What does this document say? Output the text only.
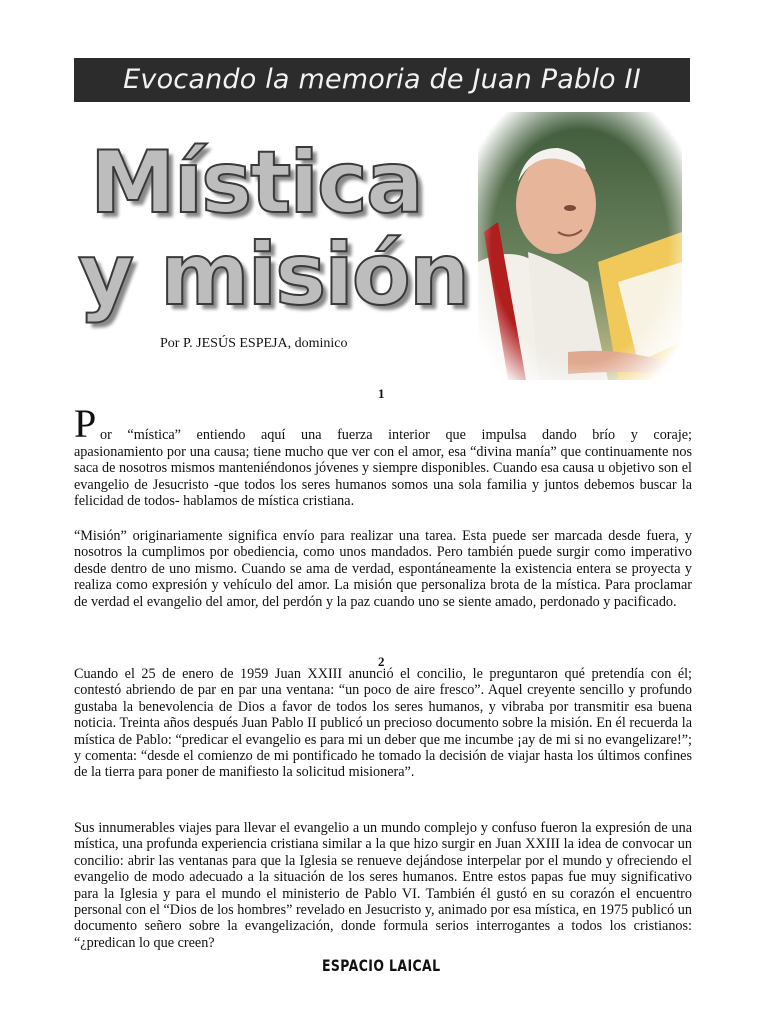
Evocando la memoria de Juan Pablo II
Mística
y misión
Por P. JESÚS ESPEJA, dominico
1
P or “mística” entiendo aquí una fuerza interior que impulsa dando brío y coraje;

apasionamiento por una causa; tiene mucho que ver con el amor, esa “divina manía” que continuamente nos saca de nosotros mismos manteniéndonos jóvenes y siempre disponibles. Cuando esa causa u objetivo son el evangelio de Jesucristo -que todos los seres humanos somos una sola familia y juntos debemos buscar la felicidad de todos- hablamos de mística cristiana.

“Misión” originariamente significa envío para realizar una tarea. Esta puede ser marcada desde fuera, y nosotros la cumplimos por obediencia, como unos mandados. Pero también puede surgir como imperativo desde dentro de uno mismo. Cuando se ama de verdad, espontáneamente la existencia entera se proyecta y realiza como expresión y vehículo del amor. La misión que personaliza brota de la mística. Para proclamar de verdad el evangelio del amor, del perdón y la paz cuando uno se siente amado, perdonado y pacificado.

2

Cuando el 25 de enero de 1959 Juan XXIII anunció el concilio, le preguntaron qué pretendía con él; contestó abriendo de par en par una ventana: “un poco de aire fresco”. Aquel creyente sencillo y profundo gustaba la benevolencia de Dios a favor de todos los seres humanos, y vibraba por transmitir esa buena noticia. Treinta años después Juan Pablo II publicó un precioso documento sobre la misión. En él recuerda la mística de Pablo: “predicar el evangelio es para mi un deber que me incumbe ¡ay de mi si no evangelizare!”; y comenta: “desde el comienzo de mi pontificado he tomado la decisión de viajar hasta los últimos confines de la tierra para poner de manifiesto la solicitud misionera”.

Sus innumerables viajes para llevar el evangelio a un mundo complejo y confuso fueron la expresión de una mística, una profunda experiencia cristiana similar a la que hizo surgir en Juan XXIII la idea de convocar un concilio: abrir las ventanas para que la Iglesia se renueve dejándose interpelar por el mundo y ofreciendo el evangelio de modo adecuado a la situación de los seres humanos. Entre estos papas fue muy significativo para la Iglesia y para el mundo el ministerio de Pablo VI. También él gustó en su corazón el encuentro personal con el “Dios de los hombres” revelado en Jesucristo y, animado por esa mística, en 1975 publicó un documento señero sobre la evangelización, donde formula serios interrogantes a todos los cristianos: “¿predican lo que creen?

ESPACIO LAICAL
